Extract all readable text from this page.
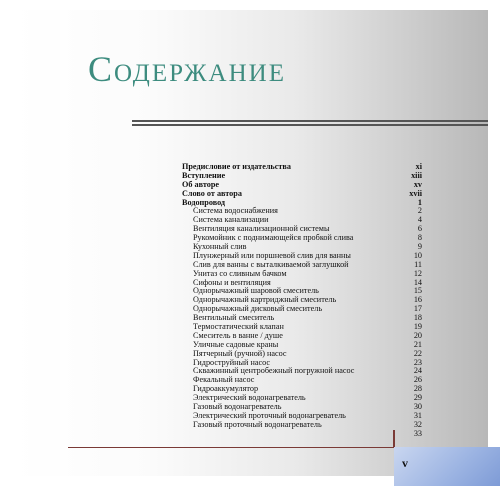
Содержание
Предисловие от издательства	xi
Вступление	xiii
Об авторе	xv
Слово от автора	xvii
Водопровод	1
Система водоснабжения	2
Система канализации	4
Вентиляция канализационной системы	6
Рукомойник с поднимающейся пробкой слива	8
Кухонный слив	9
Плунжерный или поршневой слив для ванны	10
Слив для ванны с выталкиваемой заглушкой	11
Унитаз со сливным бачком	12
Сифоны и вентиляция	14
Однорычажный шаровой смеситель	15
Однорычажный картриджный смеситель	16
Однорычажный дисковый смеситель	17
Вентильный смеситель	18
Термостатический клапан	19
Смеситель в ванне / душе	20
Уличные садовые краны	21
Пятчерный (ручной) насос	22
Гидроструйный насос	23
Скважинный центробежный погружной насос	24
Фекальный насос	26
Гидроаккумулятор	28
Электрический водонагреватель	29
Газовый водонагреватель	30
Электрический проточный водонагреватель	31
Газовый проточный водонагреватель	32
33
v
